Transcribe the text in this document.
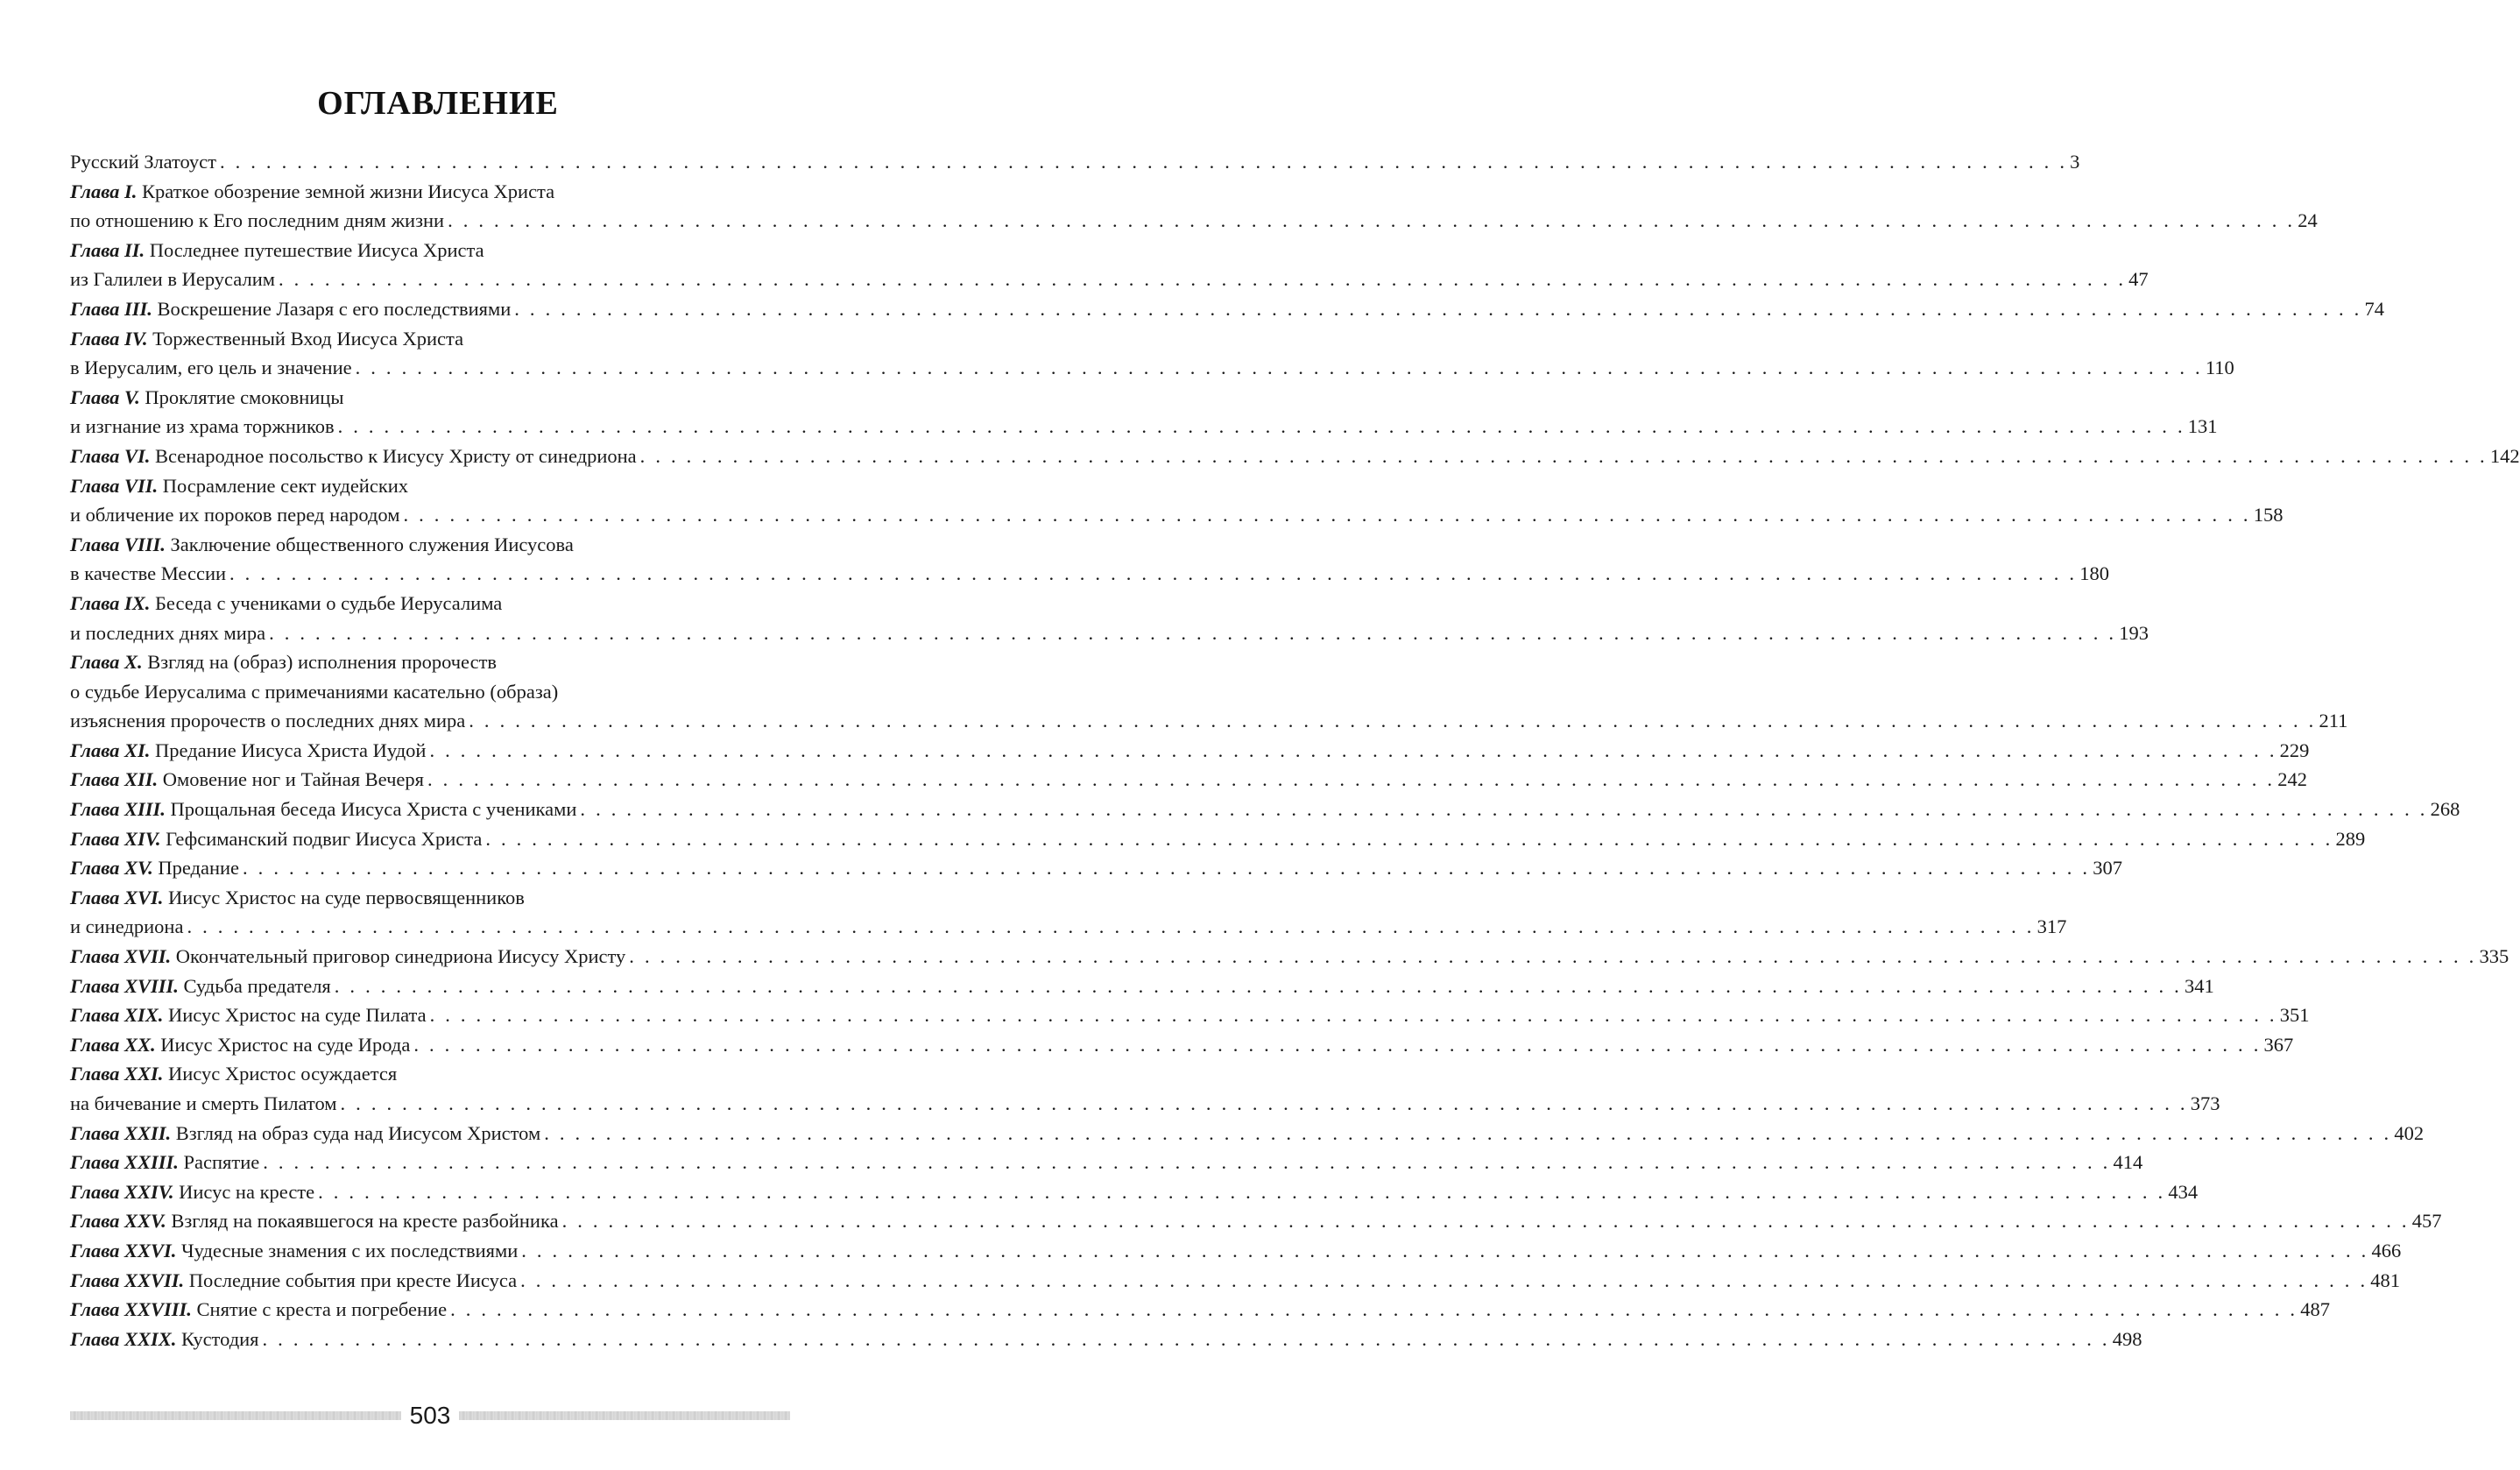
ОГЛАВЛЕНИЕ
Русский Златоуст . . . . . . . . . . . . . . . . . . . . . . . . . . . . . . . . . . . . . . . . . . . . . . . . . . . . . . . . . . . . . . . . . . . . . . . . . . . . . . . . . . . . . . . . . . . . . . . . . . . . . . . . . . . . . . . . . . . . . . . . 3
Глава I.
Краткое обозрение земной жизни Иисуса Христа
по отношению к Его последним дням жизни . . . . . . . . . . . . . . . . . . . . . . . . . . . . . . . . . . . . . . . . . . . . . . . . . . . . . . . . . . . . . . . . . . . . . . . . . . . . . . . . . . . . . . . . . . . . . . . . . . . . . . . . . . . . . . . . . . . . . . . . 24
Глава II.
Последнее путешествие Иисуса Христа
из Галилеи в Иерусалим . . . . . . . . . . . . . . . . . . . . . . . . . . . . . . . . . . . . . . . . . . . . . . . . . . . . . . . . . . . . . . . . . . . . . . . . . . . . . . . . . . . . . . . . . . . . . . . . . . . . . . . . . . . . . . . . . . . . . . . . 47
Глава III.
Воскрешение Лазаря с его последствиями . . . . . . . . . . . . . . . . . . . . . . . . . . . . . . . . . . . . . . . . . . . . . . . . . . . . . . . . . . . . . . . . . . . . . . . . . . . . . . . . . . . . . . . . . . . . . . . . . . . . . . . . . . . . . . . . . . . . . . . . 74
Глава IV.
Торжественный Вход Иисуса Христа
в Иерусалим, его цель и значение . . . . . . . . . . . . . . . . . . . . . . . . . . . . . . . . . . . . . . . . . . . . . . . . . . . . . . . . . . . . . . . . . . . . . . . . . . . . . . . . . . . . . . . . . . . . . . . . . . . . . . . . . . . . . . . . . . . . . . . . 110
Глава V.
Проклятие смоковницы
и изгнание из храма торжников . . . . . . . . . . . . . . . . . . . . . . . . . . . . . . . . . . . . . . . . . . . . . . . . . . . . . . . . . . . . . . . . . . . . . . . . . . . . . . . . . . . . . . . . . . . . . . . . . . . . . . . . . . . . . . . . . . . . . . . . 131
Глава VI.
Всенародное посольство к Иисусу Христу от синедриона . . . . . . . . . . . . . . . . . . . . . . . . . . . . . . . . . . . . . . . . . . . . . . . . . . . . . . . . . . . . . . . . . . . . . . . . . . . . . . . . . . . . . . . . . . . . . . . . . . . . . . . . . . . . . . . . . . . . . . . . 142
Глава VII.
Посрамление сект иудейских
и обличение их пороков перед народом . . . . . . . . . . . . . . . . . . . . . . . . . . . . . . . . . . . . . . . . . . . . . . . . . . . . . . . . . . . . . . . . . . . . . . . . . . . . . . . . . . . . . . . . . . . . . . . . . . . . . . . . . . . . . . . . . . . . . . . . 158
Глава VIII.
Заключение общественного служения Иисусова
в качестве Мессии . . . . . . . . . . . . . . . . . . . . . . . . . . . . . . . . . . . . . . . . . . . . . . . . . . . . . . . . . . . . . . . . . . . . . . . . . . . . . . . . . . . . . . . . . . . . . . . . . . . . . . . . . . . . . . . . . . . . . . . . 180
Глава IX.
Беседа с учениками о судьбе Иерусалима
и последних днях мира . . . . . . . . . . . . . . . . . . . . . . . . . . . . . . . . . . . . . . . . . . . . . . . . . . . . . . . . . . . . . . . . . . . . . . . . . . . . . . . . . . . . . . . . . . . . . . . . . . . . . . . . . . . . . . . . . . . . . . . . 193
Глава X.
Взгляд на (образ) исполнения пророчеств
о судьбе Иерусалима с примечаниями касательно (образа)
изъяснения пророчеств о последних днях мира . . . . . . . . . . . . . . . . . . . . . . . . . . . . . . . . . . . . . . . . . . . . . . . . . . . . . . . . . . . . . . . . . . . . . . . . . . . . . . . . . . . . . . . . . . . . . . . . . . . . . . . . . . . . . . . . . . . . . . . . 211
Глава XI.
Предание Иисуса Христа Иудой . . . . . . . . . . . . . . . . . . . . . . . . . . . . . . . . . . . . . . . . . . . . . . . . . . . . . . . . . . . . . . . . . . . . . . . . . . . . . . . . . . . . . . . . . . . . . . . . . . . . . . . . . . . . . . . . . . . . . . . . 229
Глава XII.
Омовение ног и Тайная Вечеря . . . . . . . . . . . . . . . . . . . . . . . . . . . . . . . . . . . . . . . . . . . . . . . . . . . . . . . . . . . . . . . . . . . . . . . . . . . . . . . . . . . . . . . . . . . . . . . . . . . . . . . . . . . . . . . . . . . . . . . . 242
Глава XIII.
Прощальная беседа Иисуса Христа с учениками . . . . . . . . . . . . . . . . . . . . . . . . . . . . . . . . . . . . . . . . . . . . . . . . . . . . . . . . . . . . . . . . . . . . . . . . . . . . . . . . . . . . . . . . . . . . . . . . . . . . . . . . . . . . . . . . . . . . . . . . 268
Глава XIV.
Гефсиманский подвиг Иисуса Христа . . . . . . . . . . . . . . . . . . . . . . . . . . . . . . . . . . . . . . . . . . . . . . . . . . . . . . . . . . . . . . . . . . . . . . . . . . . . . . . . . . . . . . . . . . . . . . . . . . . . . . . . . . . . . . . . . . . . . . . . 289
Глава XV.
Предание . . . . . . . . . . . . . . . . . . . . . . . . . . . . . . . . . . . . . . . . . . . . . . . . . . . . . . . . . . . . . . . . . . . . . . . . . . . . . . . . . . . . . . . . . . . . . . . . . . . . . . . . . . . . . . . . . . . . . . . . 307
Глава XVI.
Иисус Христос на суде первосвященников
и синедриона . . . . . . . . . . . . . . . . . . . . . . . . . . . . . . . . . . . . . . . . . . . . . . . . . . . . . . . . . . . . . . . . . . . . . . . . . . . . . . . . . . . . . . . . . . . . . . . . . . . . . . . . . . . . . . . . . . . . . . . . 317
Глава XVII.
Окончательный приговор синедриона Иисусу Христу . . . . . . . . . . . . . . . . . . . . . . . . . . . . . . . . . . . . . . . . . . . . . . . . . . . . . . . . . . . . . . . . . . . . . . . . . . . . . . . . . . . . . . . . . . . . . . . . . . . . . . . . . . . . . . . . . . . . . . . . 335
Глава XVIII.
Судьба предателя . . . . . . . . . . . . . . . . . . . . . . . . . . . . . . . . . . . . . . . . . . . . . . . . . . . . . . . . . . . . . . . . . . . . . . . . . . . . . . . . . . . . . . . . . . . . . . . . . . . . . . . . . . . . . . . . . . . . . . . . 341
Глава XIX.
Иисус Христос на суде Пилата . . . . . . . . . . . . . . . . . . . . . . . . . . . . . . . . . . . . . . . . . . . . . . . . . . . . . . . . . . . . . . . . . . . . . . . . . . . . . . . . . . . . . . . . . . . . . . . . . . . . . . . . . . . . . . . . . . . . . . . . 351
Глава XX.
Иисус Христос на суде Ирода . . . . . . . . . . . . . . . . . . . . . . . . . . . . . . . . . . . . . . . . . . . . . . . . . . . . . . . . . . . . . . . . . . . . . . . . . . . . . . . . . . . . . . . . . . . . . . . . . . . . . . . . . . . . . . . . . . . . . . . . 367
Глава XXI.
Иисус Христос осуждается
на бичевание и смерть Пилатом . . . . . . . . . . . . . . . . . . . . . . . . . . . . . . . . . . . . . . . . . . . . . . . . . . . . . . . . . . . . . . . . . . . . . . . . . . . . . . . . . . . . . . . . . . . . . . . . . . . . . . . . . . . . . . . . . . . . . . . . 373
Глава XXII.
Взгляд на образ суда над Иисусом Христом . . . . . . . . . . . . . . . . . . . . . . . . . . . . . . . . . . . . . . . . . . . . . . . . . . . . . . . . . . . . . . . . . . . . . . . . . . . . . . . . . . . . . . . . . . . . . . . . . . . . . . . . . . . . . . . . . . . . . . . . 402
Глава XXIII.
Распятие . . . . . . . . . . . . . . . . . . . . . . . . . . . . . . . . . . . . . . . . . . . . . . . . . . . . . . . . . . . . . . . . . . . . . . . . . . . . . . . . . . . . . . . . . . . . . . . . . . . . . . . . . . . . . . . . . . . . . . . . 414
Глава XXIV.
Иисус на кресте . . . . . . . . . . . . . . . . . . . . . . . . . . . . . . . . . . . . . . . . . . . . . . . . . . . . . . . . . . . . . . . . . . . . . . . . . . . . . . . . . . . . . . . . . . . . . . . . . . . . . . . . . . . . . . . . . . . . . . . . 434
Глава XXV.
Взгляд на покаявшегося на кресте разбойника . . . . . . . . . . . . . . . . . . . . . . . . . . . . . . . . . . . . . . . . . . . . . . . . . . . . . . . . . . . . . . . . . . . . . . . . . . . . . . . . . . . . . . . . . . . . . . . . . . . . . . . . . . . . . . . . . . . . . . . . 457
Глава XXVI.
Чудесные знамения с их последствиями . . . . . . . . . . . . . . . . . . . . . . . . . . . . . . . . . . . . . . . . . . . . . . . . . . . . . . . . . . . . . . . . . . . . . . . . . . . . . . . . . . . . . . . . . . . . . . . . . . . . . . . . . . . . . . . . . . . . . . . . 466
Глава XXVII.
Последние события при кресте Иисуса . . . . . . . . . . . . . . . . . . . . . . . . . . . . . . . . . . . . . . . . . . . . . . . . . . . . . . . . . . . . . . . . . . . . . . . . . . . . . . . . . . . . . . . . . . . . . . . . . . . . . . . . . . . . . . . . . . . . . . . . 481
Глава XXVIII.
Снятие с креста и погребение . . . . . . . . . . . . . . . . . . . . . . . . . . . . . . . . . . . . . . . . . . . . . . . . . . . . . . . . . . . . . . . . . . . . . . . . . . . . . . . . . . . . . . . . . . . . . . . . . . . . . . . . . . . . . . . . . . . . . . . . 487
Глава XXIX.
Кустодия . . . . . . . . . . . . . . . . . . . . . . . . . . . . . . . . . . . . . . . . . . . . . . . . . . . . . . . . . . . . . . . . . . . . . . . . . . . . . . . . . . . . . . . . . . . . . . . . . . . . . . . . . . . . . . . . . . . . . . . . 498
503
